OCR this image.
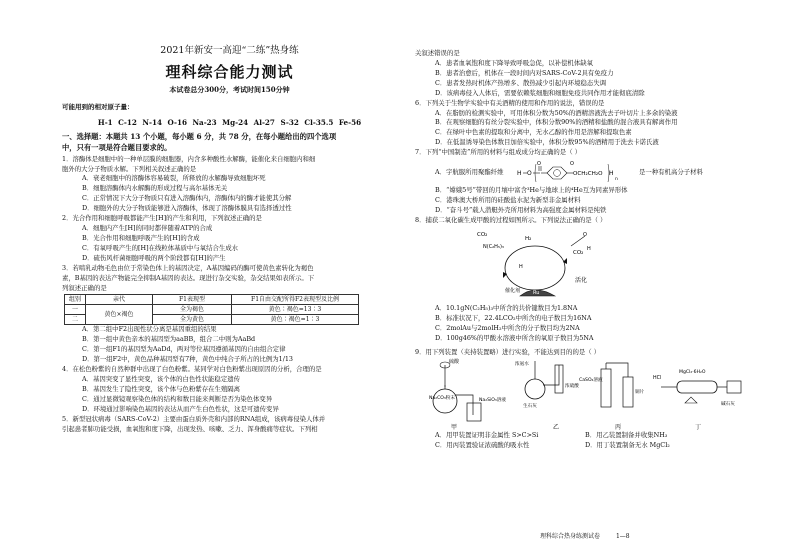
2021年新安一高迎“二练”热身练
理科综合能力测试
本试卷总分300分，考试时间150分钟
可能用到的相对原子量：
H-1 C-12 N-14 O-16 Na-23 Mg-24 Al-27 S-32 Cl-35.5 Fe-56
一、选择题：本题共 13 个小题，每小题 6 分，共 78 分，在每小题给出的四个选项
中，只有一项是符合题目要求的。
1．溶酶体是细胞中的一种单层膜的细胞器，内含多种酸性水解酶，能催化来自细胞内和细
胞外的大分子物质水解。下列相关叙述正确的是
A．衰老细胞中的溶酶体容易破裂，所释放的水解酶导致细胞坏死
B．细胞溶酶体内水解酶的形成过程与高尔基体无关
C．正常情况下大分子物质只有进入溶酶体内，溶酶体内的酶才能使其分解
D．细胞外的大分子物质能够进入溶酶体，体现了溶酶体膜具有选择透过性
2．光合作用和细胞呼吸都能产生[H]的产生和利用，下列叙述正确的是
A．细胞内产生[H]的同时都伴随着ATP的合成
B．光合作用和细胞呼吸产生的[H]的含成
C．有氧呼吸产生的[H]在线粒体基质中与氧结合生成水
D．硫伤风杆菌细胞呼吸的两个阶段都有[H]的产生
3．若啮乳动物毛色由位于常染色体上的基因决定，A基因编码的酶可使黄色素转化为褐色
素，B基因的表达产物能完全抑制A基因的表达。现进行杂交实验，杂交结果如表所示。下
列叙述正确的是
组别	亲代	F1表现型	F1自由交配所得F2表现型及比例
一	黄色×褐色	全为褐色	黄色∶褐色=13∶3
二		全为黄色	黄色∶褐色=1∶3
A．第二组中F2出现性状分离是基因重组的结果
B．第一组中黄色亲本的基因型为aaBB，组合二中则为AaBd
C．第一组F1的基因型为AaDd，两对等位基因遵循基因的自由组合定律
D．第一组F2中，黄色品种基因型有7种，黄色中纯合子所占的比例为1/13
4．在松色粉紫的自然种群中出现了白色粉紫。某同学对白色粉紫出现原因的分析，合理的是
A．基因突变了显性突变，该个体的白色性状能稳定遗传
B．基因发生了隐性突变，该个体与色粉紫存在生殖隔离
C．通过显微镜观察染色体的结构和数目能来判断是否为染色体变异
D．环境通过影响染色基因的表达从而产生白色性状，这是可遗传变异
5．新型冠状病毒（SARS-CoV-2）主要由蛋白质外壳和内部的RNA组成，该病毒侵染人体并
引起患者肺功能受损，血氧饱和度下降，出现发热、咳嗽、乏力、浑身酸痛等症状。下列相
关叙述错误的是
A．患者血氧饱和度下降导致呼吸急促，以补偿机体缺氧
B．患者治愈后，机体在一段时间内对SARS-CoV-2具有免疫力
C．患者发热时机体产热增多、散热减少引起内环境稳态失调
D．该病毒侵入人体后，需要依赖浆细胞和细胞免疫共同作用才能彻底清除
6．下列关于生物学实验中有关酒精的使用和作用的说法，错误的是
A．在脂肪的检测实验中，可用体积分数为50%的酒精溶液洗去子叶切片上多余的染液
B．在观察细胞的有丝分裂实验中，体积分数90%的酒精和盐酸的混合液具有解离作用
C．在绿叶中色素的提取和分离中，无水乙醇的作用是溶解和提取色素
D．在低温诱导染色体数目加倍实验中，体积分数95%的酒精用于洗去卡诺氏液
7．下列“中国制造”所用的材料与组成成分均正确的是（ ）
A．宇航服所用聚酯纤维 H O
O	O
OCH₂CH₂O H
n
是一种有机高分子材料
B．“嫦娥5号”带回的月壤中富含³He与地球上的⁴He互为同素异形体
C．港珠澳大桥所用的硅酸盐水泥为新型非金属材料
D．“奋斗号”载人潜艇外壳所用材料为高强度金属材料是纯铁
8．捕获二氧化碳生成甲酸的过程如图所示。下列说法正确的是（ ）
CO₂
N(C₂H₅)₃
H₂
CO₂
活化
H
催化剂	Ru
O
H
A．10.1gN(C₂H₅)₃中所含的共价键数目为1.8NA
B．标准状况下，22.4LCO₂中所含的电子数目为16NA
C．2molAu与2molH₂中所含的分子数目均为2NA
D．100g46%的甲酸水溶液中所含的氧原子数目为5NA
9．用下列装置（夹持装置略）进行实验，不能达到目的的是（ ）
硫酸
Na₂CO₃粉末	Na₂SiO₃溶液
甲
浓氨水
生石灰
浓硫酸
乙
CaSO₄溶液
铜片
丙
HCl
MgCl₂·6H₂O
碱石灰
丁
A．用甲装置证明非金属性 S>C>Si	B．用乙装置制备并收集NH₃
C．用丙装置验证浓硫酸的吸水性	D．用丁装置制备无水 MgCl₂
理科综合热身练测试卷	1—8
